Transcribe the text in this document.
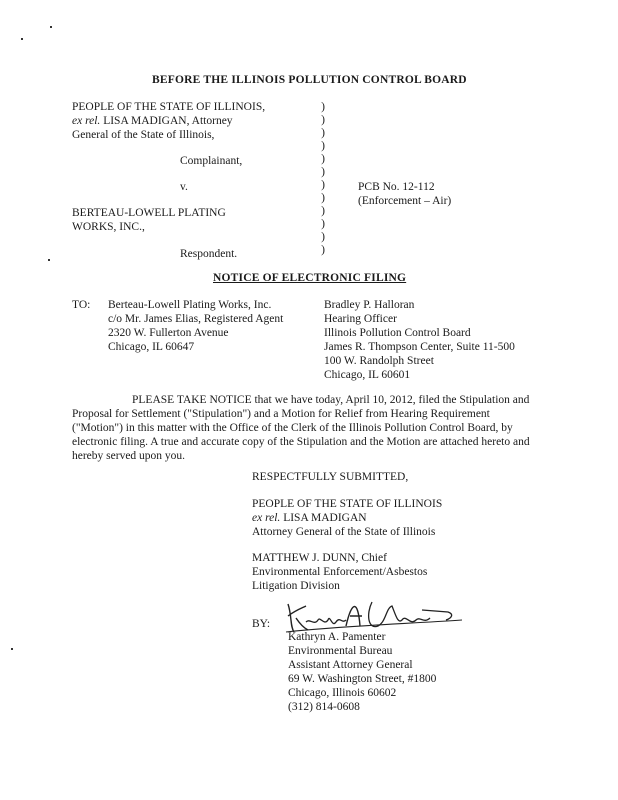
BEFORE THE ILLINOIS POLLUTION CONTROL BOARD
PEOPLE OF THE STATE OF ILLINOIS,
ex rel. LISA MADIGAN, Attorney
General of the State of Illinois,
Complainant,
v.
BERTEAU-LOWELL PLATING
WORKS, INC.,
Respondent.
)
)
)
)
)
)
)
)
)
)
)
)
PCB No. 12-112
(Enforcement – Air)
NOTICE OF ELECTRONIC FILING
TO: Berteau-Lowell Plating Works, Inc.
c/o Mr. James Elias, Registered Agent
2320 W. Fullerton Avenue
Chicago, IL 60647
Bradley P. Halloran
Hearing Officer
Illinois Pollution Control Board
James R. Thompson Center, Suite 11-500
100 W. Randolph Street
Chicago, IL 60601
PLEASE TAKE NOTICE that we have today, April 10, 2012, filed the Stipulation and Proposal for Settlement ("Stipulation") and a Motion for Relief from Hearing Requirement ("Motion") in this matter with the Office of the Clerk of the Illinois Pollution Control Board, by electronic filing. A true and accurate copy of the Stipulation and the Motion are attached hereto and hereby served upon you.
RESPECTFULLY SUBMITTED,
PEOPLE OF THE STATE OF ILLINOIS
ex rel. LISA MADIGAN
Attorney General of the State of Illinois
MATTHEW J. DUNN, Chief
Environmental Enforcement/Asbestos
Litigation Division
BY:
Kathryn A. Pamenter
Environmental Bureau
Assistant Attorney General
69 W. Washington Street, #1800
Chicago, Illinois 60602
(312) 814-0608
